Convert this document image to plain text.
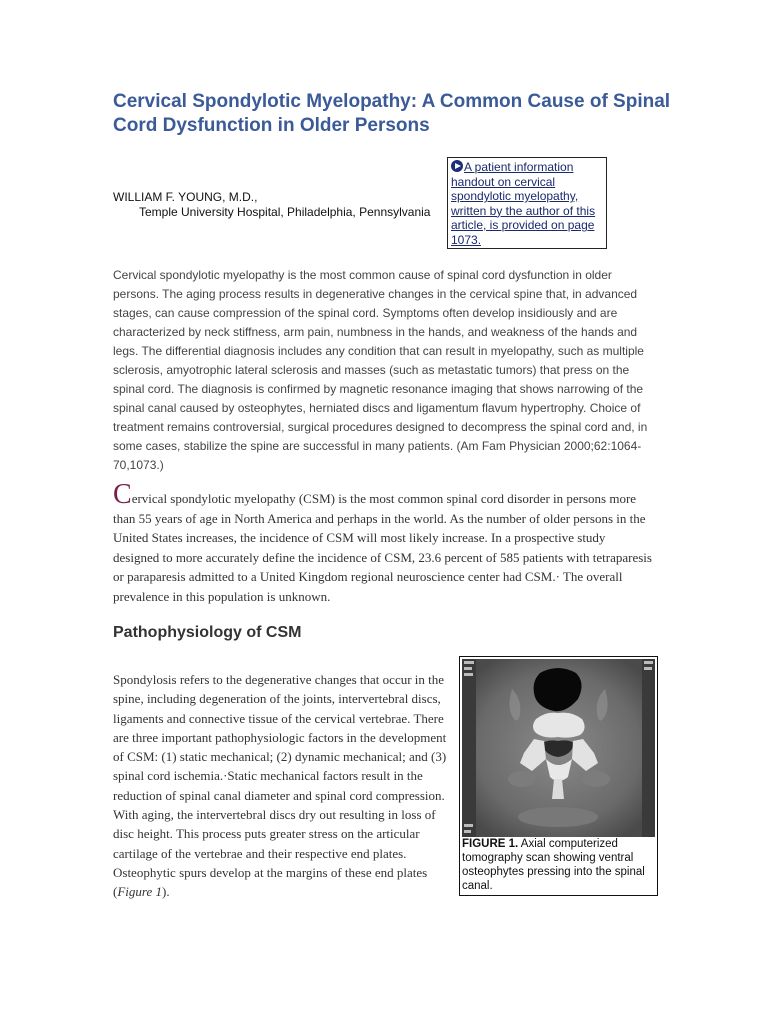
Cervical Spondylotic Myelopathy: A Common Cause of Spinal Cord Dysfunction in Older Persons
WILLIAM F. YOUNG, M.D.,
Temple University Hospital, Philadelphia, Pennsylvania
A patient information handout on cervical spondylotic myelopathy, written by the author of this article, is provided on page 1073.

Cervical spondylotic myelopathy is the most common cause of spinal cord dysfunction in older persons. The aging process results in degenerative changes in the cervical spine that, in advanced stages, can cause compression of the spinal cord. Symptoms often develop insidiously and are characterized by neck stiffness, arm pain, numbness in the hands, and weakness of the hands and legs. The differential diagnosis includes any condition that can result in myelopathy, such as multiple sclerosis, amyotrophic lateral sclerosis and masses (such as metastatic tumors) that press on the spinal cord. The diagnosis is confirmed by magnetic resonance imaging that shows narrowing of the spinal canal caused by osteophytes, herniated discs and ligamentum flavum hypertrophy. Choice of treatment remains controversial, surgical procedures designed to decompress the spinal cord and, in some cases, stabilize the spine are successful in many patients. (Am Fam Physician 2000;62:1064-70,1073.)

Cervical spondylotic myelopathy (CSM) is the most common spinal cord disorder in persons more than 55 years of age in North America and perhaps in the world. As the number of older persons in the United States increases, the incidence of CSM will most likely increase. In a prospective study designed to more accurately define the incidence of CSM, 23.6 percent of 585 patients with tetraparesis or paraparesis admitted to a United Kingdom regional neuroscience center had CSM.· The overall prevalence in this population is unknown.

Pathophysiology of CSM

Spondylosis refers to the degenerative changes that occur in the spine, including degeneration of the joints, intervertebral discs, ligaments and connective tissue of the cervical vertebrae. There are three important pathophysiologic factors in the development of CSM: (1) static mechanical; (2) dynamic mechanical; and (3) spinal cord ischemia.·Static mechanical factors result in the reduction of spinal canal diameter and spinal cord compression. With aging, the intervertebral discs dry out resulting in loss of disc height. This process puts greater stress on the articular cartilage of the vertebrae and their respective end plates. Osteophytic spurs develop at the margins of these end plates (Figure 1).

FIGURE 1. Axial computerized tomography scan showing ventral osteophytes pressing into the spinal canal.
